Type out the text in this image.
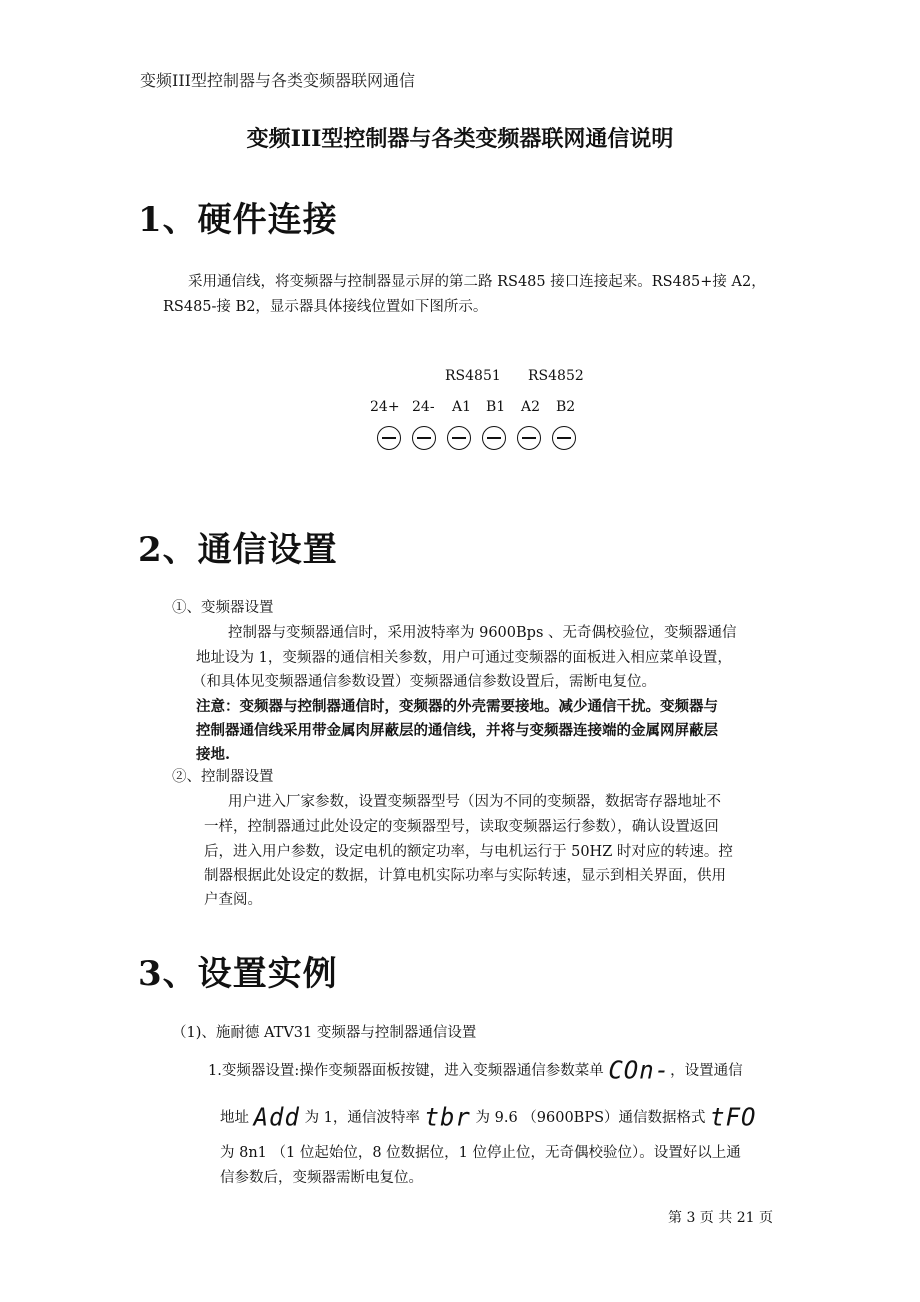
变频III型控制器与各类变频器联网通信
变频III型控制器与各类变频器联网通信说明
1、硬件连接
采用通信线，将变频器与控制器显示屏的第二路 RS485 接口连接起来。RS485+接 A2，
RS485-接 B2，显示器具体接线位置如下图所示。
RS4851 RS4852
24+ 24- A1 B1 A2 B2
2、通信设置
①、变频器设置
控制器与变频器通信时，采用波特率为 9600Bps 、无奇偶校验位，变频器通信
地址设为 1，变频器的通信相关参数，用户可通过变频器的面板进入相应菜单设置，
（和具体见变频器通信参数设置）变频器通信参数设置后，需断电复位。
注意：变频器与控制器通信时，变频器的外壳需要接地。减少通信干扰。变频器与
控制器通信线采用带金属肉屏蔽层的通信线，并将与变频器连接端的金属网屏蔽层
接地.
②、控制器设置
用户进入厂家参数，设置变频器型号（因为不同的变频器，数据寄存器地址不
一样，控制器通过此处设定的变频器型号，读取变频器运行参数），确认设置返回
后，进入用户参数，设定电机的额定功率，与电机运行于 50HZ 时对应的转速。控
制器根据此处设定的数据，计算电机实际功率与实际转速，显示到相关界面，供用
户查阅。
3、设置实例
（1)、施耐德 ATV31 变频器与控制器通信设置
1.变频器设置:操作变频器面板按键，进入变频器通信参数菜单 COn-，设置通信
地址 Add 为 1，通信波特率 tbr 为 9.6 （9600BPS）通信数据格式 tFO
为 8n1 （1 位起始位，8 位数据位，1 位停止位，无奇偶校验位）。设置好以上通
信参数后，变频器需断电复位。
第 3 页 共 21 页
